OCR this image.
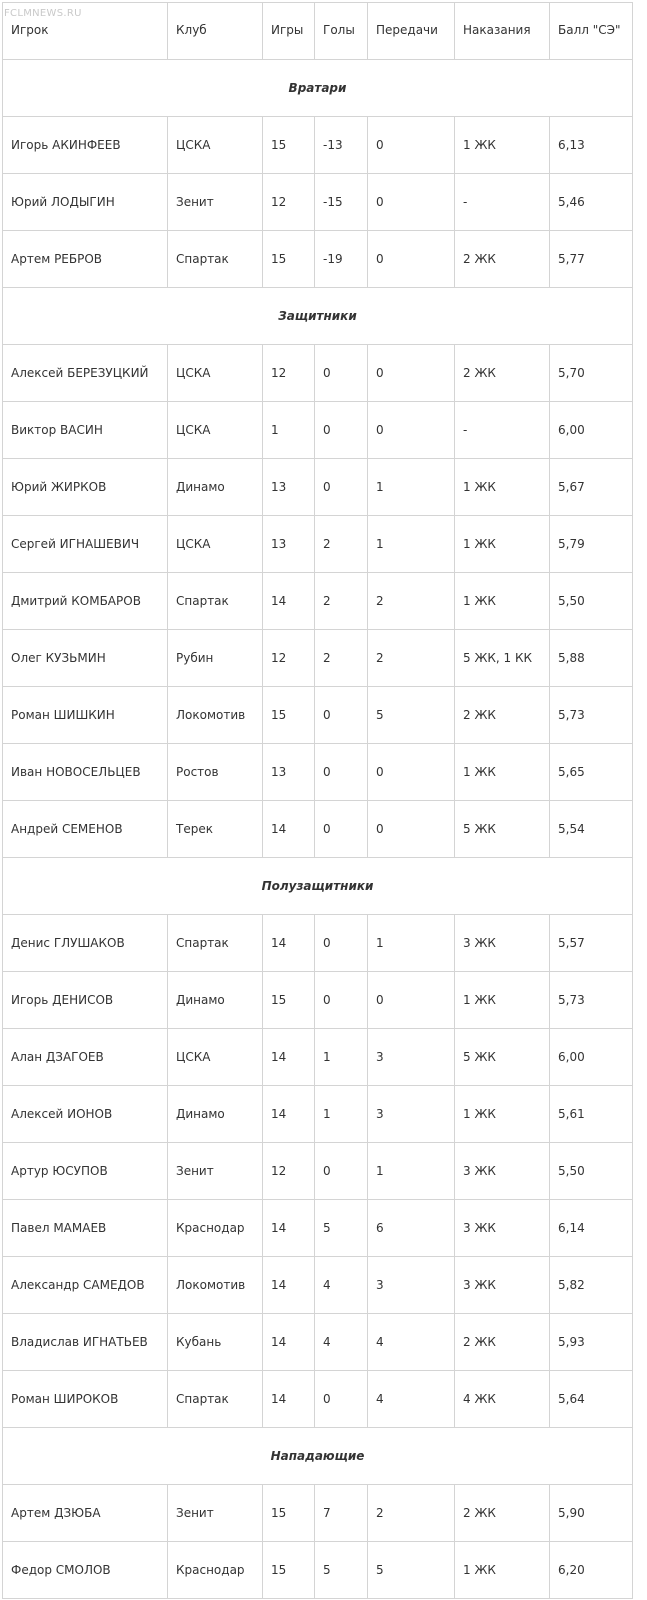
FCLMNEWS.RU
Игрок	Клуб	Игры	Голы	Передачи	Наказания	Балл "СЭ"
Вратари						
Игорь АКИНФЕЕВ	ЦСКА	15	-13	0	1 ЖК	6,13
Юрий ЛОДЫГИН	Зенит	12	-15	0	-	5,46
Артем РЕБРОВ	Спартак	15	-19	0	2 ЖК	5,77
Защитники						
Алексей БЕРЕЗУЦКИЙ	ЦСКА	12	0	0	2 ЖК	5,70
Виктор ВАСИН	ЦСКА	1	0	0	-	6,00
Юрий ЖИРКОВ	Динамо	13	0	1	1 ЖК	5,67
Сергей ИГНАШЕВИЧ	ЦСКА	13	2	1	1 ЖК	5,79
Дмитрий КОМБАРОВ	Спартак	14	2	2	1 ЖК	5,50
Олег КУЗЬМИН	Рубин	12	2	2	5 ЖК, 1 КК	5,88
Роман ШИШКИН	Локомотив	15	0	5	2 ЖК	5,73
Иван НОВОСЕЛЬЦЕВ	Ростов	13	0	0	1 ЖК	5,65
Андрей СЕМЕНОВ	Терек	14	0	0	5 ЖК	5,54
Полузащитники						
Денис ГЛУШАКОВ	Спартак	14	0	1	3 ЖК	5,57
Игорь ДЕНИСОВ	Динамо	15	0	0	1 ЖК	5,73
Алан ДЗАГОЕВ	ЦСКА	14	1	3	5 ЖК	6,00
Алексей ИОНОВ	Динамо	14	1	3	1 ЖК	5,61
Артур ЮСУПОВ	Зенит	12	0	1	3 ЖК	5,50
Павел МАМАЕВ	Краснодар	14	5	6	3 ЖК	6,14
Александр САМЕДОВ	Локомотив	14	4	3	3 ЖК	5,82
Владислав ИГНАТЬЕВ	Кубань	14	4	4	2 ЖК	5,93
Роман ШИРОКОВ	Спартак	14	0	4	4 ЖК	5,64
Нападающие						
Артем ДЗЮБА	Зенит	15	7	2	2 ЖК	5,90
Федор СМОЛОВ	Краснодар	15	5	5	1 ЖК	6,20
